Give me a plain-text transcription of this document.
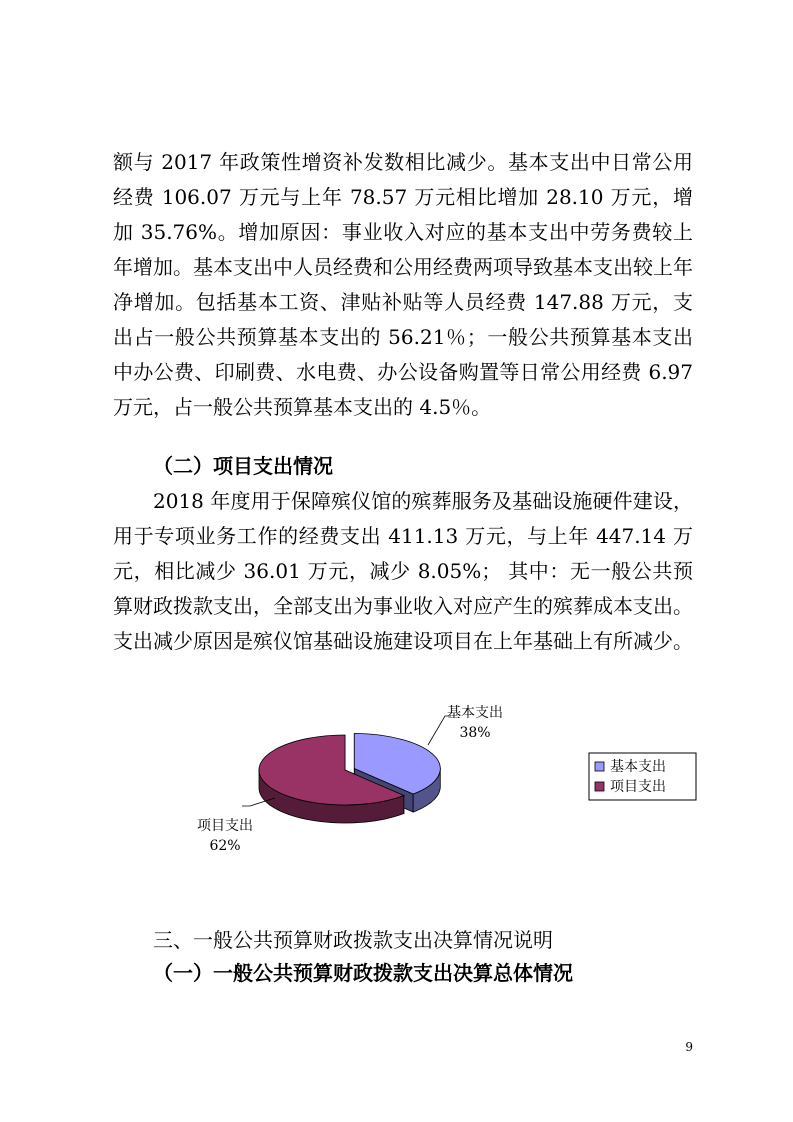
额与 2017 年政策性增资补发数相比减少。基本支出中日常公用经费 106.07 万元与上年 78.57 万元相比增加 28.10 万元，增加 35.76%。增加原因：事业收入对应的基本支出中劳务费较上年增加。基本支出中人员经费和公用经费两项导致基本支出较上年净增加。包括基本工资、津贴补贴等人员经费 147.88 万元，支出占一般公共预算基本支出的 56.21％；一般公共预算基本支出中办公费、印刷费、水电费、办公设备购置等日常公用经费 6.97 万元，占一般公共预算基本支出的 4.5％。

（二）项目支出情况

2018 年度用于保障殡仪馆的殡葬服务及基础设施硬件建设，用于专项业务工作的经费支出 411.13 万元，与上年 447.14 万元，相比减少 36.01 万元，减少 8.05%； 其中：无一般公共预算财政拨款支出，全部支出为事业收入对应产生的殡葬成本支出。支出减少原因是殡仪馆基础设施建设项目在上年基础上有所减少。

基本支出
38%
项目支出
62%
基本支出
项目支出

三、一般公共预算财政拨款支出决算情况说明

（一）一般公共预算财政拨款支出决算总体情况

9
